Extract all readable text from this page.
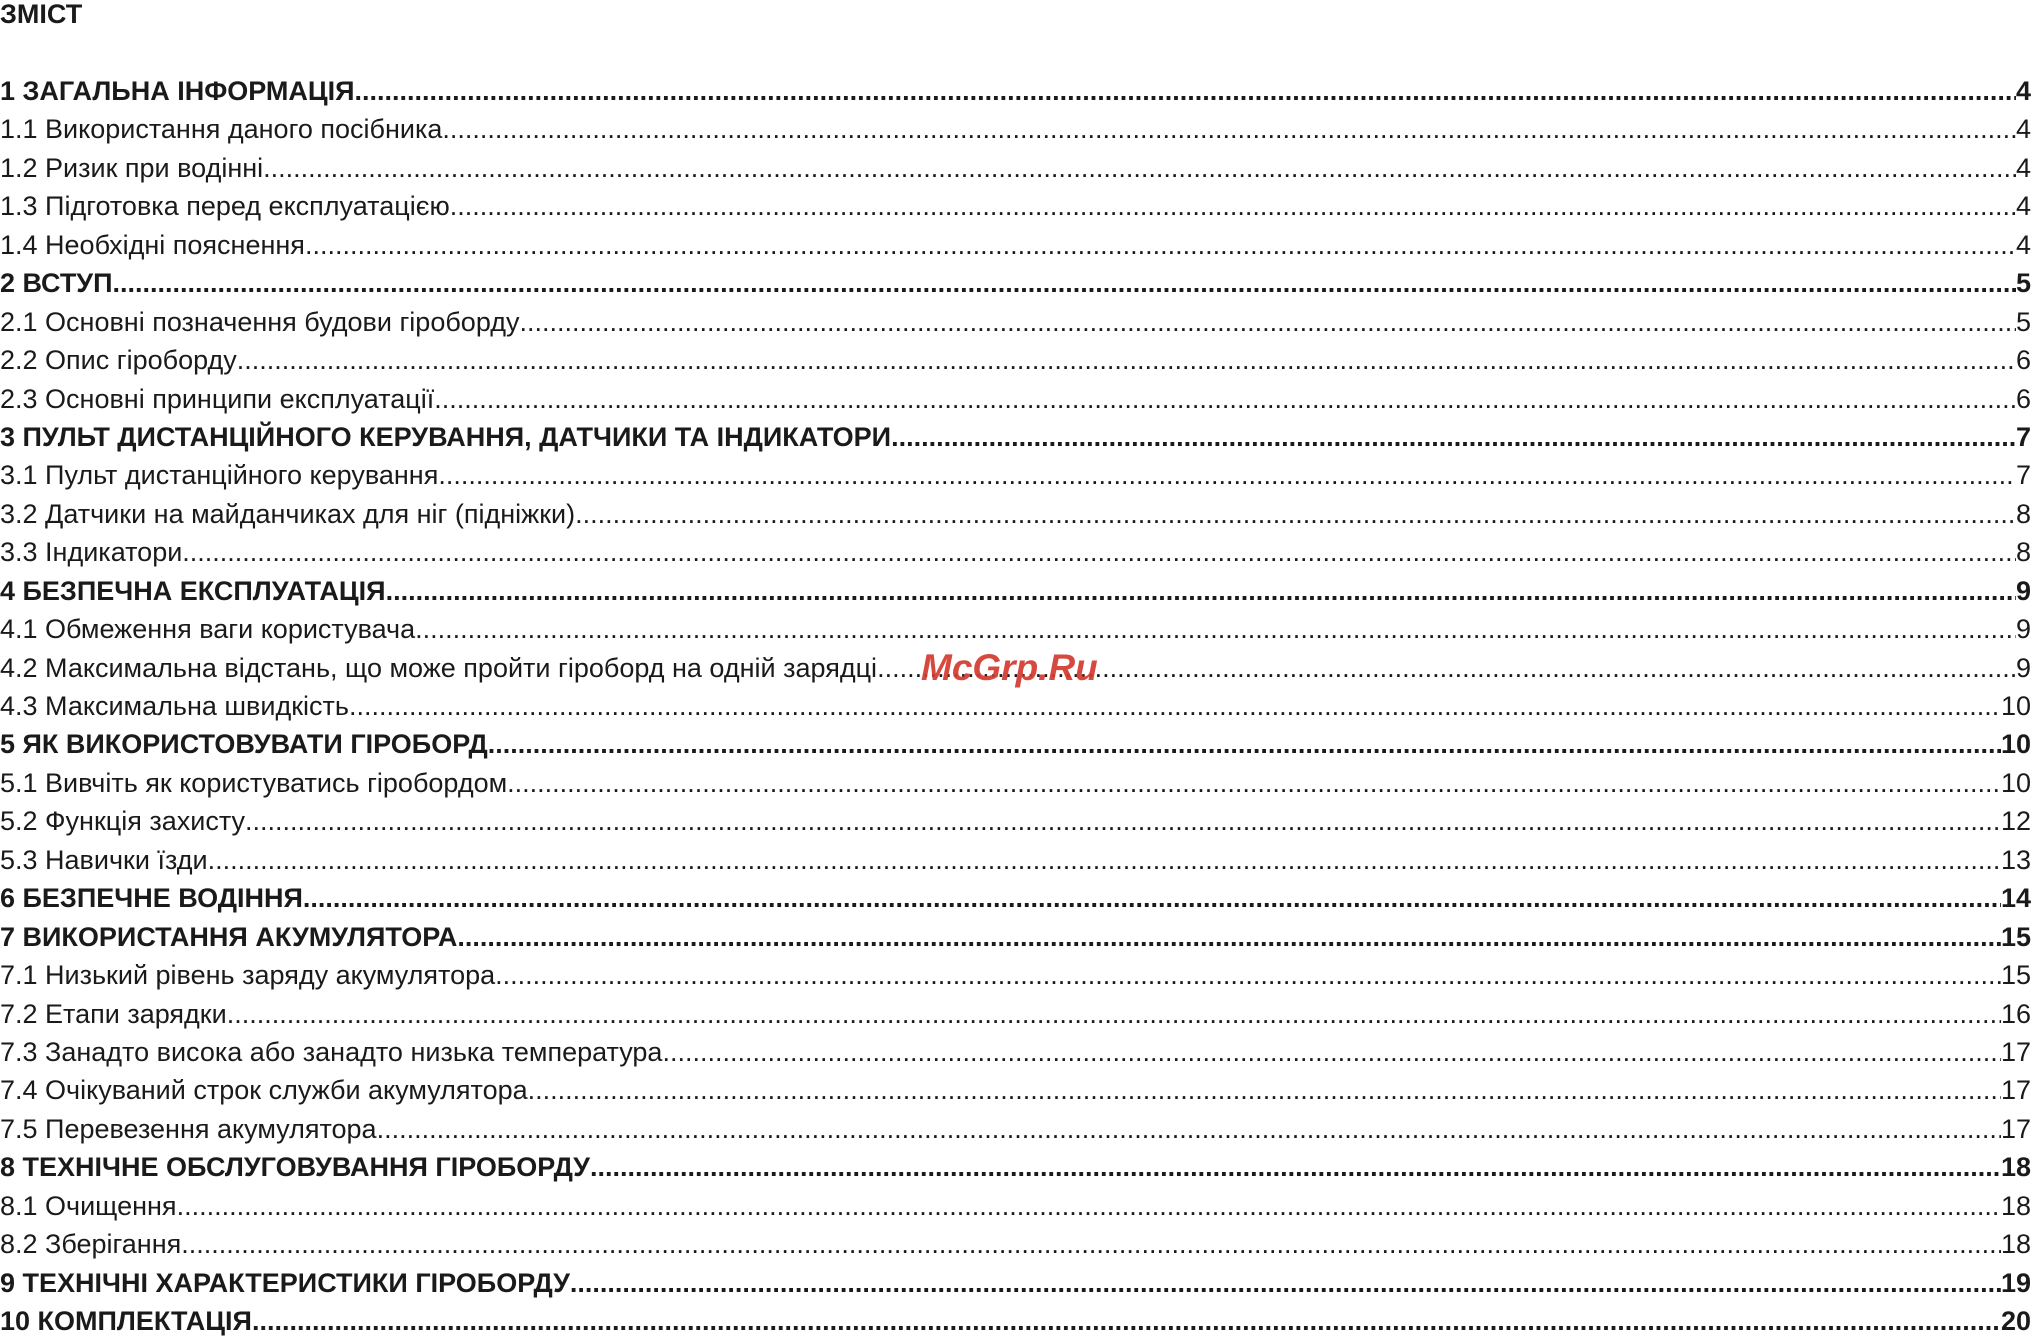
ЗМІСТ
1 ЗАГАЛЬНА ІНФОРМАЦІЯ .....	4
1.1 Використання даного посібника .....	4
1.2 Ризик при водінні .....	4
1.3 Підготовка перед експлуатацією .....	4
1.4 Необхідні пояснення .....	4
2 ВСТУП .....	5
2.1 Основні позначення будови гіроборду .....	5
2.2 Опис гіроборду .....	6
2.3 Основні принципи експлуатації .....	6
3 ПУЛЬТ ДИСТАНЦІЙНОГО КЕРУВАННЯ, ДАТЧИКИ ТА ІНДИКАТОРИ .....	7
3.1 Пульт дистанційного керування .....	7
3.2 Датчики на майданчиках для ніг (підніжки) .....	8
3.3 Індикатори .....	8
4 БЕЗПЕЧНА ЕКСПЛУАТАЦІЯ .....	9
4.1 Обмеження ваги користувача .....	9
4.2 Максимальна відстань, що може пройти гіроборд на одній зарядці .....	9
4.3 Максимальна швидкість .....	10
5 ЯК ВИКОРИСТОВУВАТИ ГІРОБОРД .....	10
5.1 Вивчіть як користуватись гіробордом .....	10
5.2 Функція захисту .....	12
5.3 Навички їзди .....	13
6 БЕЗПЕЧНЕ ВОДІННЯ .....	14
7 ВИКОРИСТАННЯ АКУМУЛЯТОРА .....	15
7.1 Низький рівень заряду акумулятора .....	15
7.2 Етапи зарядки .....	16
7.3 Занадто висока або занадто низька температура .....	17
7.4 Очікуваний строк служби акумулятора .....	17
7.5 Перевезення акумулятора .....	17
8 ТЕХНІЧНЕ ОБСЛУГОВУВАННЯ ГІРОБОРДУ .....	18
8.1 Очищення .....	18
8.2 Зберігання .....	18
9 ТЕХНІЧНІ ХАРАКТЕРИСТИКИ ГІРОБОРДУ .....	19
10 КОМПЛЕКТАЦІЯ .....	20
McGrp.Ru
